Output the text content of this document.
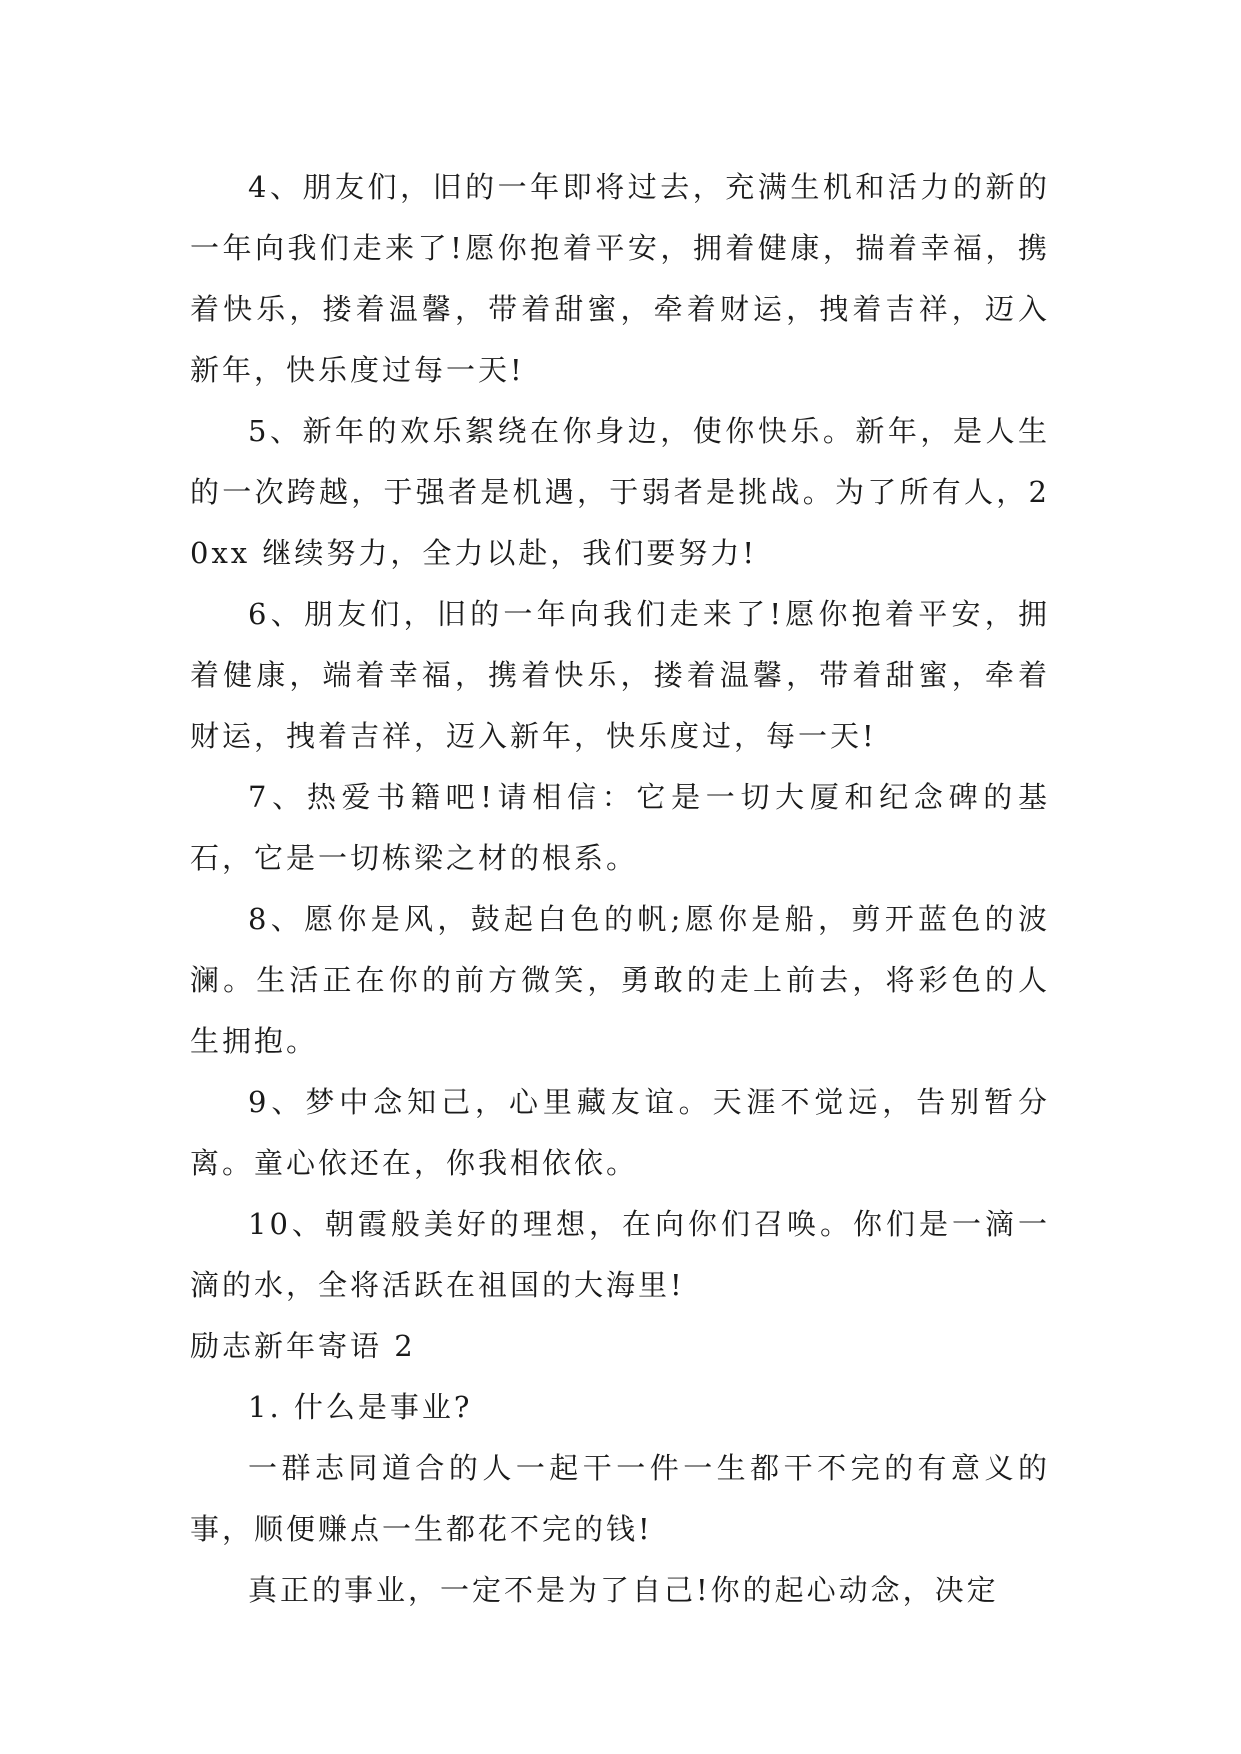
4、朋友们，旧的一年即将过去，充满生机和活力的新的一年向我们走来了!愿你抱着平安，拥着健康，揣着幸福，携着快乐，搂着温馨，带着甜蜜，牵着财运，拽着吉祥，迈入新年，快乐度过每一天!

5、新年的欢乐絮绕在你身边，使你快乐。新年，是人生的一次跨越，于强者是机遇，于弱者是挑战。为了所有人，20xx 继续努力，全力以赴，我们要努力!

6、朋友们，旧的一年向我们走来了!愿你抱着平安，拥着健康，端着幸福，携着快乐，搂着温馨，带着甜蜜，牵着财运，拽着吉祥，迈入新年，快乐度过，每一天!

7、热爱书籍吧!请相信：它是一切大厦和纪念碑的基石，它是一切栋梁之材的根系。

8、愿你是风，鼓起白色的帆;愿你是船，剪开蓝色的波澜。生活正在你的前方微笑，勇敢的走上前去，将彩色的人生拥抱。

9、梦中念知己，心里藏友谊。天涯不觉远，告别暂分离。童心依还在，你我相依依。

10、朝霞般美好的理想，在向你们召唤。你们是一滴一滴的水，全将活跃在祖国的大海里!

励志新年寄语 2

1. 什么是事业?

一群志同道合的人一起干一件一生都干不完的有意义的事，顺便赚点一生都花不完的钱!

真正的事业，一定不是为了自己!你的起心动念，决定
